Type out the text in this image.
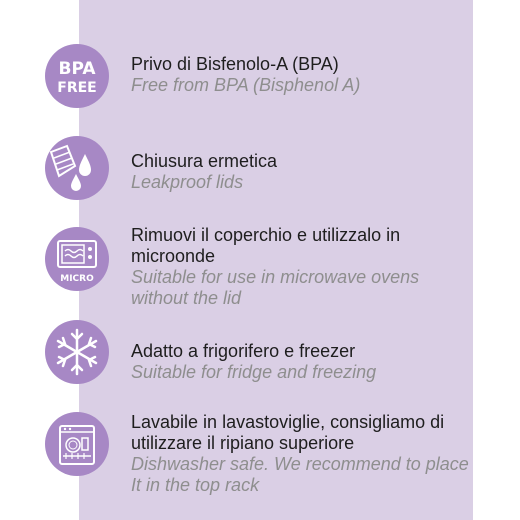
BPA
FREE
Privo di Bisfenolo-A (BPA)
Free from BPA (Bisphenol A)
Chiusura ermetica
Leakproof lids
MICRO
Rimuovi il coperchio e utilizzalo in microonde
Suitable for use in microwave ovens without the lid
Adatto a frigorifero e freezer
Suitable for fridge and freezing
Lavabile in lavastoviglie, consigliamo di utilizzare il ripiano superiore
Dishwasher safe. We recommend to place It in the top rack
